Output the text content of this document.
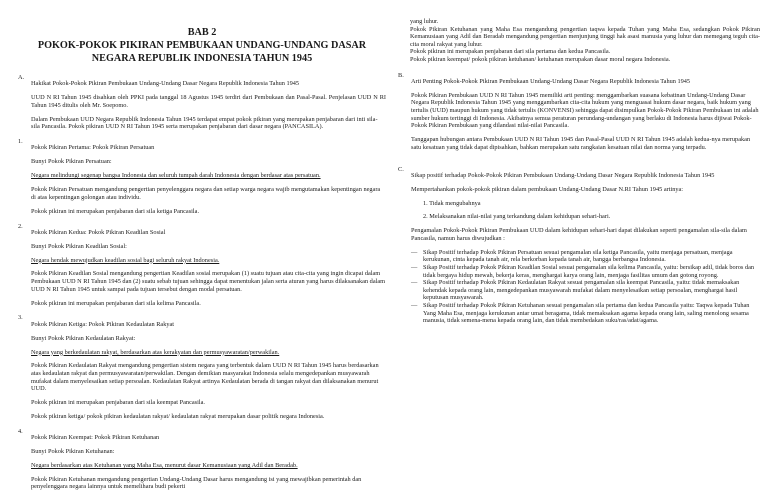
BAB 2
POKOK-POKOK PIKIRAN PEMBUKAAN UNDANG-UNDANG DASAR
NEGARA REPUBLIK INDONESIA TAHUN 1945
A.

Hakikat Pokok-Pokok Pikiran Pembukaan Undang-Undang Dasar Negara Republik Indonesia Tahun 1945

UUD N RI Tahun 1945 disahkan oleh PPKI pada tanggal 18 Agustus 1945 terdiri dari Pembukaan dan Pasal-Pasal. Penjelasan UUD N RI Tahun 1945 ditulis oleh Mr. Soepomo.

Dalam Pembukaan UUD Negara Republik Indonesia Tahun 1945 terdapat empat pokok pikiran yang merupakan penjabaran dari inti sila-sila Pancasila. Pokok pikiran UUD N RI Tahun 1945 serta merupakan penjabaran dari dasar negara (PANCASILA).

1.

Pokok Pikiran Pertama: Pokok Pikiran Persatuan

Bunyi Pokok Pikiran Persatuan:

Negara melindungi segenap bangsa Indonesia dan seluruh tumpah darah Indonesia dengan berdasar atas persatuan.

Pokok Pikiran Persatuan mengandung pengertian penyelenggara negara dan setiap warga negara wajib mengutamakan kepentingan negara di atas kepentingan golongan atau individu.

Pokok pikiran ini merupakan penjabaran dari sila ketiga Pancasila.

2.

Pokok Pikiran Kedua: Pokok Pikiran Keadilan Sosial

Bunyi Pokok Pikiran Keadilan Sosial:

Negara hendak mewujudkan keadilan sosial bagi seluruh rakyat Indonesia.

Pokok Pikiran Keadilan Sosial mengandung pengertian Keadilan sosial merupakan (1) suatu tujuan atau cita-cita yang ingin dicapai dalam Pembukaan UUD N RI Tahun 1945 dan (2) suatu sebab tujuan sehingga dapat menentukan jalan serta aturan yang harus dilaksanakan dalam UUD N RI Tahun 1945 untuk sampai pada tujuan tersebut dengan modal persatuan.

Pokok pikiran ini merupakan penjabaran dari sila kelima Pancasila.

3.

Pokok Pikiran Ketiga: Pokok Pikiran Kedaulatan Rakyat

Bunyi Pokok Pikiran Kedaulatan Rakyat:

Negara yang berkedaulatan rakyat, berdasarkan atas kerakyatan dan permusyawaratan/perwakilan.

Pokok Pikiran Kedaulatan Rakyat mengandung pengertian sistem negara yang terbentuk dalam UUD N RI Tahun 1945 harus berdasarkan atas kedaulatan rakyat dan permusyawaratan/perwakilan. Dengan demikian masyarakat Indonesia selalu mengedepankan musyawarah mufakat dalam menyelesaikan setiap persoalan. Kedaulatan Rakyat artinya Kedaulatan berada di tangan rakyat dan dilaksanakan menurut UUD.

Pokok pikiran ini merupakan penjabaran dari sila keempat Pancasila.

Pokok pikiran ketiga/ pokok pikiran kedaulatan rakyat/ kedaulatan rakyat merupakan dasar politik negara Indonesia.

4.

Pokok Pikiran Keempat: Pokok Pikiran Ketuhanan

Bunyi Pokok Pikiran Ketuhanan:

Negara berdasarkan atas Ketuhanan yang Maha Esa, menurut dasar Kemanusiaan yang Adil dan Beradab.

Pokok Pikiran Ketuhanan mengandung pengertian Undang-Undang Dasar harus mengandung isi yang mewajibkan pemerintah dan penyelenggara negara lainnya untuk memelihara budi pekerti

yang luhur.

Pokok Pikiran Ketuhanan yang Maha Esa mengandung pengertian taqwa kepada Tuhan yang Maha Esa, sedangkan Pokok Pikiran Kemanusiaan yang Adil dan Beradab mengandung pengertian menjunjung tinggi hak asasi manusia yang luhur dan memegang teguh cita-cita moral rakyat yang luhur.

Pokok pikiran ini merupakan penjabaran dari sila pertama dan kedua Pancasila.

Pokok pikiran keempat/ pokok pikiran ketuhanan/ ketuhanan merupakan dasar moral negara Indonesia.

B.

Arti Penting Pokok-Pokok Pikiran Pembukaan Undang-Undang Dasar Negara Republik Indonesia Tahun 1945

Pokok Pikiran Pembukaan UUD N RI Tahun 1945 memiliki arti penting: menggambarkan suasana kebatinan Undang-Undang Dasar Negara Republik Indonesia Tahun 1945 yang menggambarkan cita-cita hukum yang menguasai hukum dasar negara, baik hukum yang tertulis (UUD) maupun hukum yang tidak tertulis (KONVENSI) sehingga dapat disimpulkan Pokok-Pokok Pikiran Pembukaan ini adalah sumber hukum tertinggi di Indonesia. Akibatnya semua peraturan perundang-undangan yang berlaku di Indonesia harus dijiwai Pokok-Pokok Pikiran Pembukaan yang dilandasi nilai-nilai Pancasila.

Tanggapan hubungan antara Pembukaan UUD N RI Tahun 1945 dan Pasal-Pasal UUD N RI Tahun 1945 adalah kedua-nya merupakan satu kesatuan yang tidak dapat dipisahkan, bahkan merupakan satu rangkaian kesatuan nilai dan norma yang terpadu.

C.

Sikap positif terhadap Pokok-Pokok Pikiran Pembukaan Undang-Undang Dasar Negara Republik Indonesia Tahun 1945

Mempertahankan pokok-pokok pikiran dalam pembukaan Undang-Undang Dasar N.RI Tahun 1945 artinya:

1. Tidak mengubahnya

2. Melaksanakan nilai-nilai yang terkandung dalam kehidupan sehari-hari.

Pengamalan Pokok-Pokok Pikiran Pembukaan UUD dalam kehidupan sehari-hari dapat dilakukan seperti pengamalan sila-sila dalam Pancasila, namun harus diwujudkan :

— Sikap Positif terhadap Pokok Pikiran Persatuan sesuai pengamalan sila ketiga Pancasila, yaitu menjaga persatuan, menjaga kerukunan, cinta kepada tanah air, rela berkorban kepada tanah air, bangga berbangsa Indonesia.
— Sikap Positif terhadap Pokok Pikiran Keadilan Sosial sesuai pengamalan sila kelima Pancasila, yaitu: bersikap adil, tidak boros dan tidak bergaya hidup mewah, bekerja keras, menghargai karya orang lain, menjaga fasilitas umum dan gotong royong.
— Sikap Positif terhadap Pokok Pikiran Kedaulatan Rakyat sesuai pengamalan sila keempat Pancasila, yaitu: tidak memaksakan kehendak kepada orang lain, mengedepankan musyawarah mufakat dalam menyelesaikan setiap persoalan, menghargai hasil keputusan musyawarah.
— Sikap Positif terhadap Pokok Pikiran Ketuhanan sesuai pengamalan sila pertama dan kedua Pancasila yaitu: Taqwa kepada Tuhan Yang Maha Esa, menjaga kerukunan antar umat beragama, tidak memaksakan agama kepada orang lain, saling menolong sesama manusia, tidak semena-mena kepada orang lain, dan tidak membedakan suku/ras/adat/agama.
